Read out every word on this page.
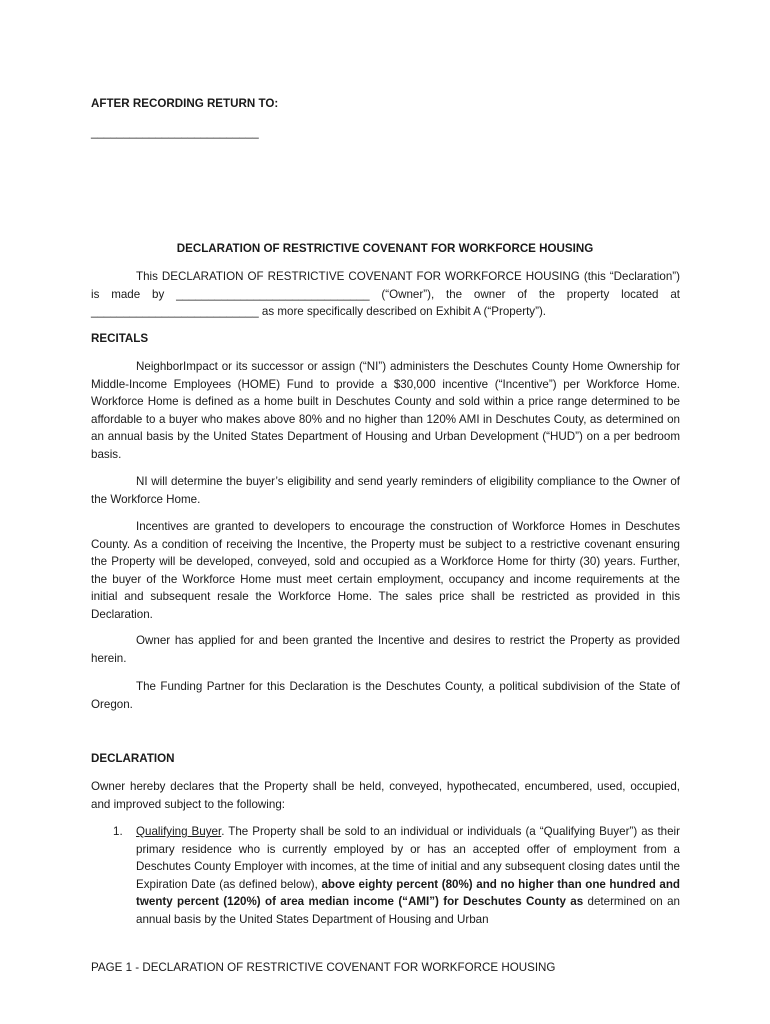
AFTER RECORDING RETURN TO:
__________________________
DECLARATION OF RESTRICTIVE COVENANT FOR WORKFORCE HOUSING

This DECLARATION OF RESTRICTIVE COVENANT FOR WORKFORCE HOUSING (this “Declaration”) is made by ______________________________ (“Owner”), the owner of the property located at __________________________ as more specifically described on Exhibit A (“Property”).

RECITALS

NeighborImpact or its successor or assign (“NI”) administers the Deschutes County Home Ownership for Middle-Income Employees (HOME) Fund to provide a $30,000 incentive (“Incentive”) per Workforce Home. Workforce Home is defined as a home built in Deschutes County and sold within a price range determined to be affordable to a buyer who makes above 80% and no higher than 120% AMI in Deschutes Couty, as determined on an annual basis by the United States Department of Housing and Urban Development (“HUD”) on a per bedroom basis.

NI will determine the buyer’s eligibility and send yearly reminders of eligibility compliance to the Owner of the Workforce Home.

Incentives are granted to developers to encourage the construction of Workforce Homes in Deschutes County. As a condition of receiving the Incentive, the Property must be subject to a restrictive covenant ensuring the Property will be developed, conveyed, sold and occupied as a Workforce Home for thirty (30) years. Further, the buyer of the Workforce Home must meet certain employment, occupancy and income requirements at the initial and subsequent resale the Workforce Home. The sales price shall be restricted as provided in this Declaration.

Owner has applied for and been granted the Incentive and desires to restrict the Property as provided herein.

The Funding Partner for this Declaration is the Deschutes County, a political subdivision of the State of Oregon.

DECLARATION

Owner hereby declares that the Property shall be held, conveyed, hypothecated, encumbered, used, occupied, and improved subject to the following:

1. Qualifying Buyer. The Property shall be sold to an individual or individuals (a “Qualifying Buyer”) as their primary residence who is currently employed by or has an accepted offer of employment from a Deschutes County Employer with incomes, at the time of initial and any subsequent closing dates until the Expiration Date (as defined below), above eighty percent (80%) and no higher than one hundred and twenty percent (120%) of area median income (“AMI”) for Deschutes County as determined on an annual basis by the United States Department of Housing and Urban

PAGE 1 - DECLARATION OF RESTRICTIVE COVENANT FOR WORKFORCE HOUSING
